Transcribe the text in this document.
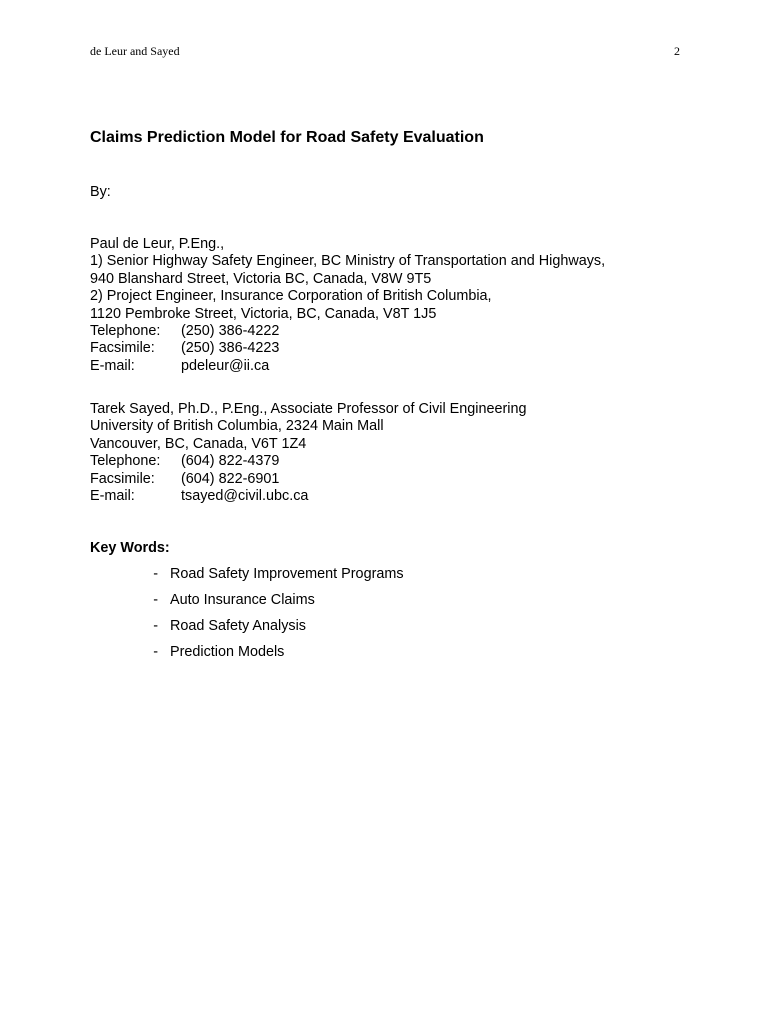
de Leur and Sayed	2
Claims Prediction Model for Road Safety Evaluation
By:
Paul de Leur, P.Eng.,
1) Senior Highway Safety Engineer, BC Ministry of Transportation and Highways,
940 Blanshard Street, Victoria BC, Canada, V8W 9T5
2) Project Engineer, Insurance Corporation of British Columbia,
1120 Pembroke Street, Victoria, BC, Canada, V8T 1J5
Telephone: (250) 386-4222
Facsimile: (250) 386-4223
E-mail:	pdeleur@ii.ca
Tarek Sayed, Ph.D., P.Eng., Associate Professor of Civil Engineering
University of British Columbia, 2324 Main Mall
Vancouver, BC, Canada, V6T 1Z4
Telephone: (604) 822-4379
Facsimile: (604) 822-6901
E-mail:	tsayed@civil.ubc.ca
Key Words:
- Road Safety Improvement Programs
- Auto Insurance Claims
- Road Safety Analysis
- Prediction Models
